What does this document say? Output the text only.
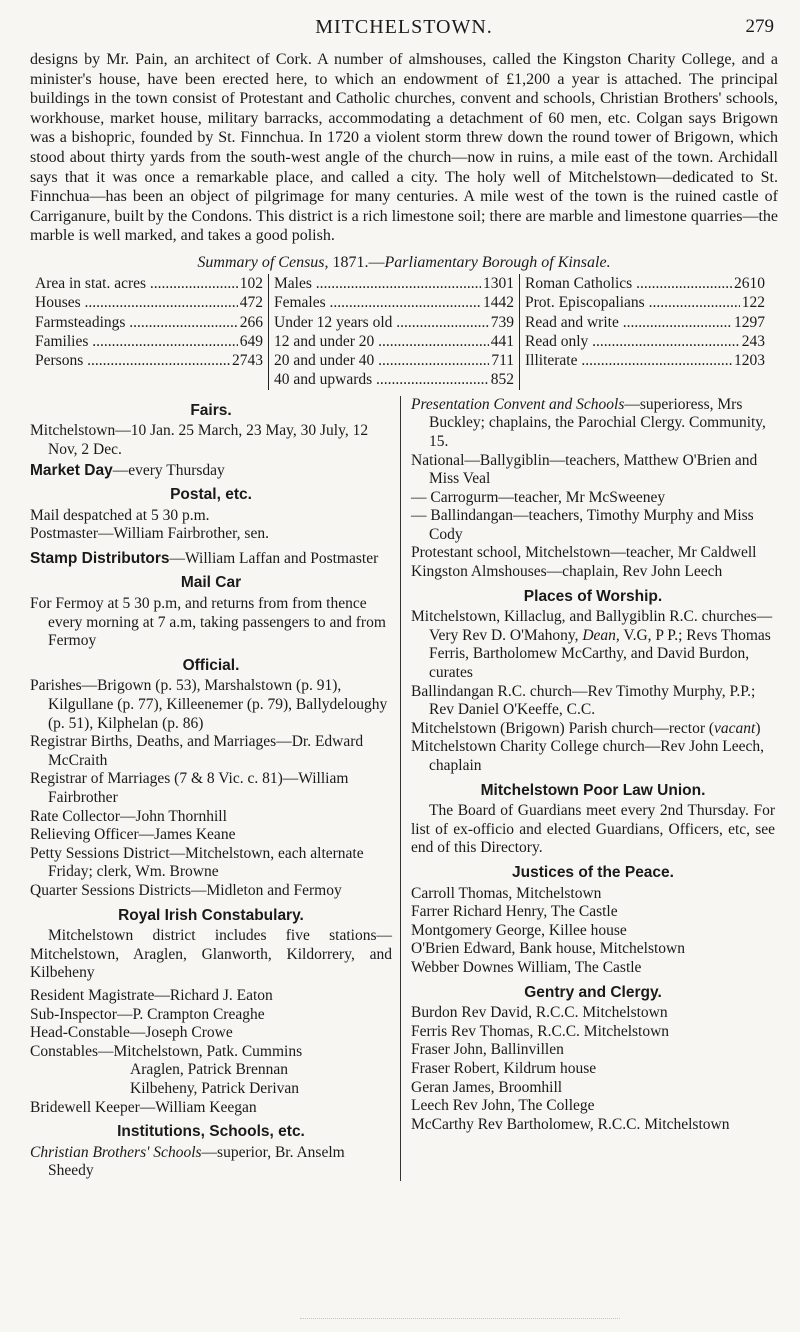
MITCHELSTOWN.	279

designs by Mr. Pain, an architect of Cork. A number of almshouses, called the Kingston Charity College, and a minister's house, have been erected here, to which an endowment of £1,200 a year is attached. The principal buildings in the town consist of Protestant and Catholic churches, convent and schools, Christian Brothers' schools, workhouse, market house, military barracks, accommodating a detachment of 60 men, etc. Colgan says Brigown was a bishopric, founded by St. Finnchua. In 1720 a violent storm threw down the round tower of Brigown, which stood about thirty yards from the south-west angle of the church—now in ruins, a mile east of the town. Archidall says that it was once a remarkable place, and called a city. The holy well of Mitchelstown—dedicated to St. Finnchua—has been an object of pilgrimage for many centuries. A mile west of the town is the ruined castle of Carriganure, built by the Condons. This district is a rich limestone soil; there are marble and limestone quarries—the marble is well marked, and takes a good polish.

Summary of Census, 1871.—Parliamentary Borough of Kinsale.
Area in stat. acres .....	102
Houses .....	472
Farmsteadings .....	266
Families .....	649
Persons .....	2743
Males .....	1301
Females .....	1442
Under 12 years old .....	739
12 and under 20 .....	441
20 and under 40 .....	711
40 and upwards .....	852
Roman Catholics .....	2610
Prot. Episcopalians .....	122
Read and write .....	1297
Read only .....	243
Illiterate .....	1203
Fairs.

Mitchelstown—10 Jan. 25 March, 23 May, 30 July, 12 Nov, 2 Dec.

Market Day—every Thursday

Postal, etc.

Mail despatched at 5 30 p.m.

Postmaster—William Fairbrother, sen.

Stamp Distributors—William Laffan and Postmaster

Mail Car

For Fermoy at 5 30 p.m, and returns from from thence every morning at 7 a.m, taking passengers to and from Fermoy

Official.

Parishes—Brigown (p. 53), Marshalstown (p. 91), Kilgullane (p. 77), Killeenemer (p. 79), Ballydeloughy (p. 51), Kilphelan (p. 86)

Registrar Births, Deaths, and Marriages—Dr. Edward McCraith

Registrar of Marriages (7 & 8 Vic. c. 81)—William Fairbrother

Rate Collector—John Thornhill

Relieving Officer—James Keane

Petty Sessions District—Mitchelstown, each alternate Friday; clerk, Wm. Browne

Quarter Sessions Districts—Midleton and Fermoy

Royal Irish Constabulary.

Mitchelstown district includes five stations—Mitchelstown, Araglen, Glanworth, Kildorrery, and Kilbeheny

Resident Magistrate—Richard J. Eaton

Sub-Inspector—P. Crampton Creaghe

Head-Constable—Joseph Crowe

Constables—Mitchelstown, Patk. Cummins

Araglen, Patrick Brennan

Kilbeheny, Patrick Derivan

Bridewell Keeper—William Keegan

Institutions, Schools, etc.

Christian Brothers' Schools—superior, Br. Anselm Sheedy

Presentation Convent and Schools—superioress, Mrs Buckley; chaplains, the Parochial Clergy. Community, 15.

National—Ballygiblin—teachers, Matthew O'Brien and Miss Veal

— Carrogurm—teacher, Mr McSweeney

— Ballindangan—teachers, Timothy Murphy and Miss Cody

Protestant school, Mitchelstown—teacher, Mr Caldwell

Kingston Almshouses—chaplain, Rev John Leech

Places of Worship.

Mitchelstown, Killaclug, and Ballygiblin R.C. churches—Very Rev D. O'Mahony, Dean, V.G, P P.; Revs Thomas Ferris, Bartholomew McCarthy, and David Burdon, curates

Ballindangan R.C. church—Rev Timothy Murphy, P.P.; Rev Daniel O'Keeffe, C.C.

Mitchelstown (Brigown) Parish church—rector (vacant)

Mitchelstown Charity College church—Rev John Leech, chaplain

Mitchelstown Poor Law Union.

The Board of Guardians meet every 2nd Thursday. For list of ex-officio and elected Guardians, Officers, etc, see end of this Directory.

Justices of the Peace.

Carroll Thomas, Mitchelstown

Farrer Richard Henry, The Castle

Montgomery George, Killee house

O'Brien Edward, Bank house, Mitchelstown

Webber Downes William, The Castle

Gentry and Clergy.

Burdon Rev David, R.C.C. Mitchelstown

Ferris Rev Thomas, R.C.C. Mitchelstown

Fraser John, Ballinvillen

Fraser Robert, Kildrum house

Geran James, Broomhill

Leech Rev John, The College

McCarthy Rev Bartholomew, R.C.C. Mitchelstown
